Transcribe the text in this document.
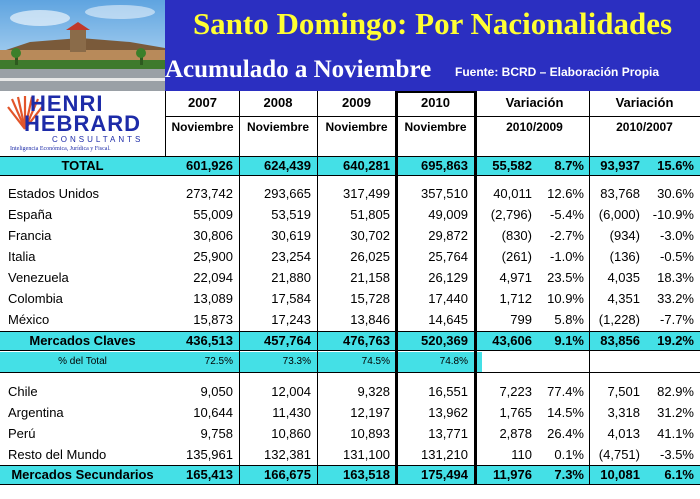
Santo Domingo: Por Nacionalidades
Acumulado a Noviembre Fuente: BCRD – Elaboración Propia
HENRI
HEBRARD
CONSULTANTS
Inteligencia Económica, Jurídica y Fiscal.
2007	2008	2009	2010	Variación	Variación
Noviembre	Noviembre	Noviembre	Noviembre	2010/2009	2010/2007
TOTAL	601,926 624,439 640,281 695,863 55,582 8.7% 93,937 15.6%
Estados Unidos	273,742 293,665 317,499 357,510 40,011 12.6% 83,768 30.6%
España	55,009	53,519	51,805	49,009 (2,796) -5.4% (6,000) -10.9%
Francia	30,806	30,619	30,702	29,872	(830) -2.7% (934) -3.0%
Italia	25,900	23,254	26,025	25,764	(261) -1.0% (136) -0.5%
Venezuela	22,094	21,880	21,158	26,129 4,971 23.5% 4,035 18.3%
Colombia	13,089	17,584	15,728	17,440 1,712 10.9% 4,351 33.2%
México	15,873	17,243	13,846	14,645	799 5.8% (1,228) -7.7%
Mercados Claves	436,513 457,764 476,763 520,369 43,606 9.1% 83,856 19.2%
% del Total	72.5%	73.3%	74.5%	74.8%
Chile	9,050	12,004	9,328	16,551 7,223 77.4% 7,501 82.9%
Argentina	10,644	11,430	12,197	13,962 1,765 14.5% 3,318 31.2%
Perú	9,758	10,860	10,893	13,771 2,878 26.4% 4,013 41.1%
Resto del Mundo	135,961 132,381 131,100 131,210	110 0.1% (4,751) -3.5%
Mercados Secundarios	165,413 166,675 163,518 175,494 11,976 7.3% 10,081 6.1%
